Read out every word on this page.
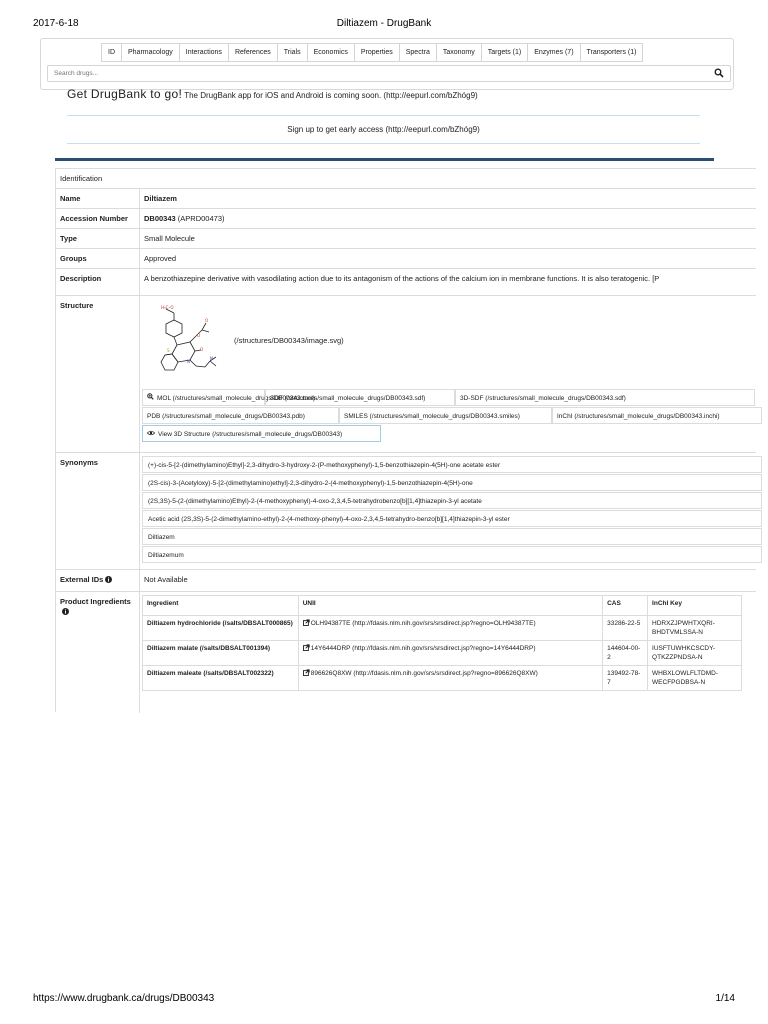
2017-6-18	Diltiazem - DrugBank
ID	Pharmacology	Interactions	References	Trials	Economics	Properties	Spectra	Taxonomy	Targets (1)	Enzymes (7)	Transporters (1)
Search drugs...
Get DrugBank to go! The DrugBank app for iOS and Android is coming soon. (http://eepurl.com/bZhóg9)
Sign up to get early access (http://eepurl.com/bZhóg9)
Identification
Name	Diltiazem
Accession Number	DB00343 (APRD00473)
Type	Small Molecule
Groups	Approved
Description	A benzothiazepine derivative with vasodilating action due to its antagonism of the actions of the calcium ion in membrane functions. It is also teratogenic. [P
Structure	H₃C–O
O
O
O
N
N
S
(/structures/DB00343/image.svg)
MOL (/structures/small_molecule_drugs/DB00343.mol)
SDF (/structures/small_molecule_drugs/DB00343.sdf)	3D-SDF (/structures/small_molecule_drugs/DB00343.sdf)
PDB (/structures/small_molecule_drugs/DB00343.pdb)	SMILES (/structures/small_molecule_drugs/DB00343.smiles)	InChI (/structures/small_molecule_drugs/DB00343.inchi)
View 3D Structure (/structures/small_molecule_drugs/DB00343)
Synonyms	(+)-cis-5-[2-(dimethylamino)Ethyl]-2,3-dihydro-3-hydroxy-2-(P-methoxyphenyl)-1,5-benzothiazepin-4(5H)-one acetate ester
(2S-cis)-3-(Acetyloxy)-5-[2-(dimethylamino)ethyl]-2,3-dihydro-2-(4-methoxyphenyl)-1,5-benzothiazepin-4(5H)-one
(2S,3S)-5-(2-(dimethylamino)Ethyl)-2-(4-methoxyphenyl)-4-oxo-2,3,4,5-tetrahydrobenzo[b][1,4]thiazepin-3-yl acetate
Acetic acid (2S,3S)-5-(2-dimethylamino-ethyl)-2-(4-methoxy-phenyl)-4-oxo-2,3,4,5-tetrahydro-benzo[b][1,4]thiazepin-3-yl ester
Diltiazem
Diltiazemum
External IDs	Not Available
Product Ingredients	Ingredient	UNII	CAS	InChI Key
Diltiazem hydrochloride (/salts/DBSALT000865)	OLH94387TE (http://fdasis.nlm.nih.gov/srs/srsdirect.jsp?regno=OLH94387TE)	33286-22-5	HDRXZJPWHTXQRI-BHDTVMLSSA-N
Diltiazem malate (/salts/DBSALT001394)	14Y6444DRP (http://fdasis.nlm.nih.gov/srs/srsdirect.jsp?regno=14Y6444DRP)	144604-00-2	IUSFTUWHKCSCDY-QTKZZPNDSA-N
Diltiazem maleate (/salts/DBSALT002322)	896626Q8XW (http://fdasis.nlm.nih.gov/srs/srsdirect.jsp?regno=896626Q8XW)	139492-78-7	WHBXLOWLFLTDMD-WECFPGDBSA-N
https://www.drugbank.ca/drugs/DB00343	1/14
